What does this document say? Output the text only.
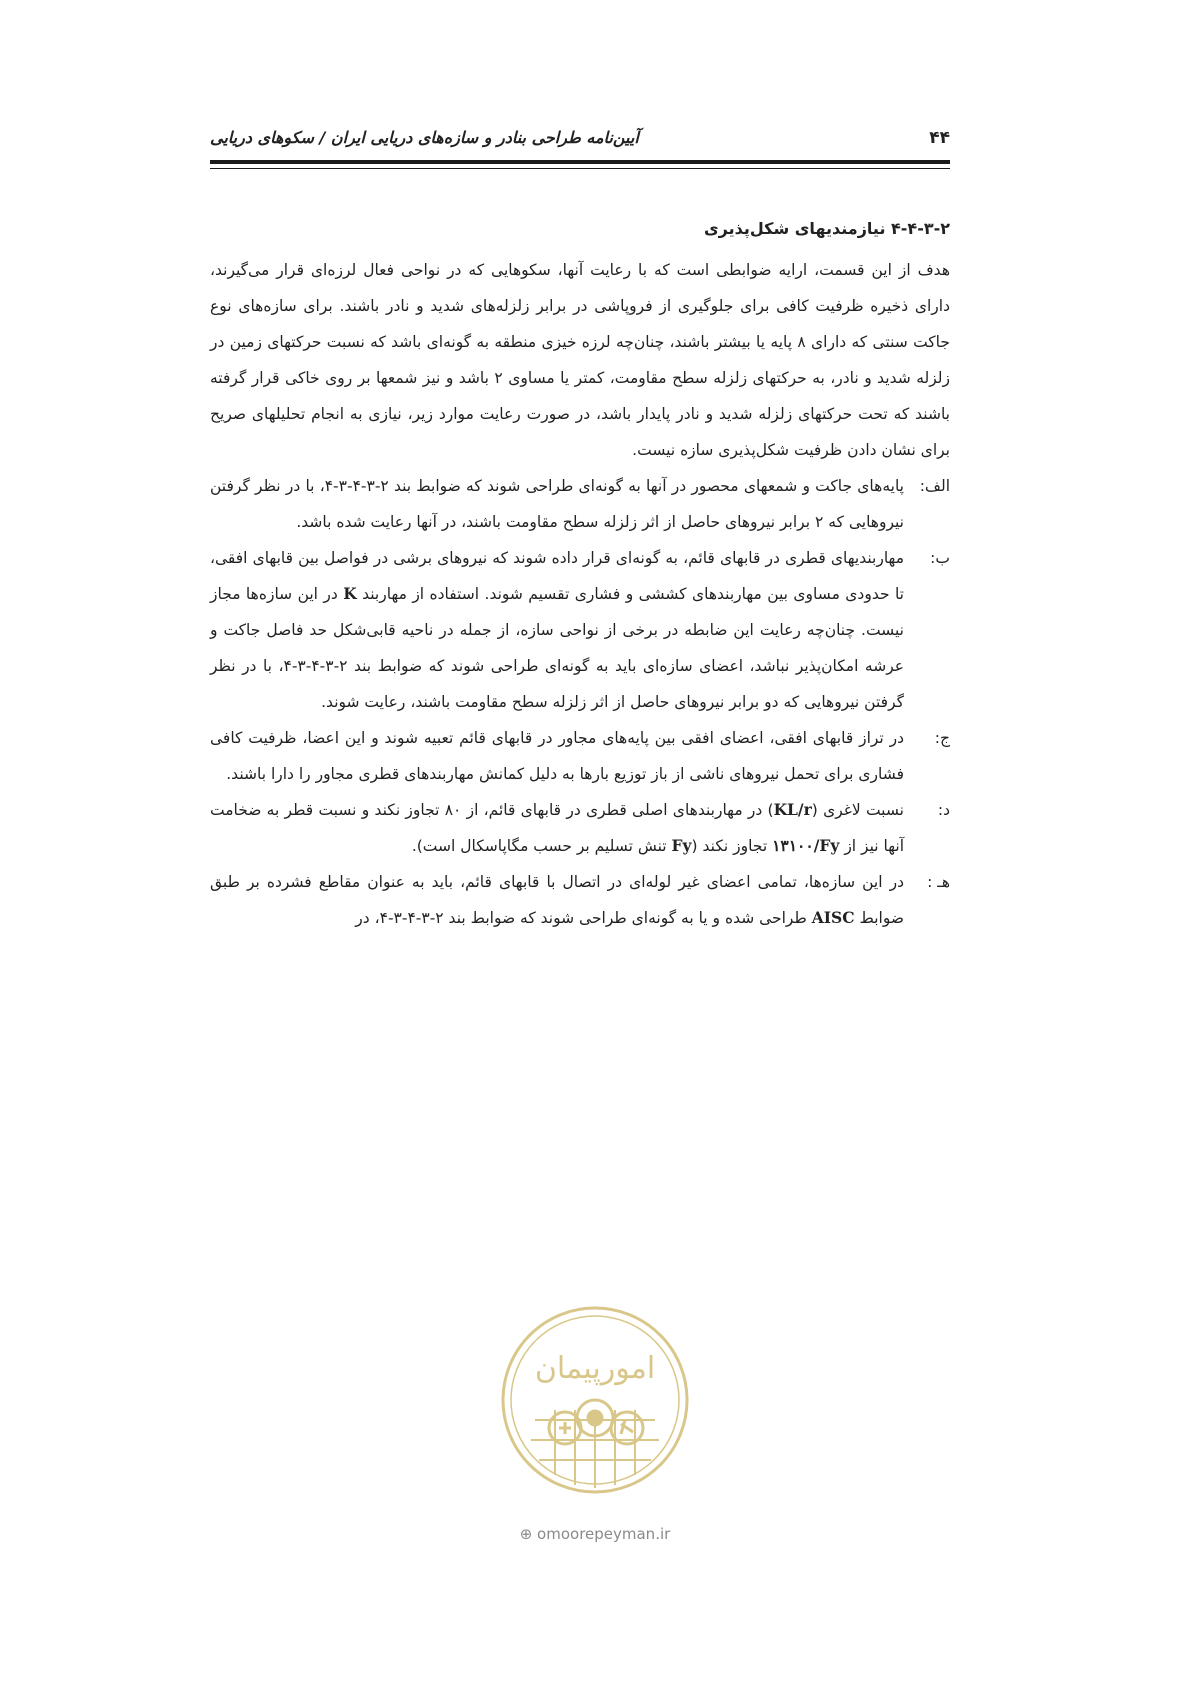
۴۴
آیین‌نامه طراحی بنادر و سازه‌های دریایی ایران / سکوهای دریایی
۴-۴-۳-۲ نیازمندیهای شکل‌پذیری

هدف از این قسمت، ارایه ضوابطی است که با رعایت آنها، سکوهایی که در نواحی فعال لرزه‌ای قرار می‌گیرند، دارای ذخیره ظرفیت کافی برای جلوگیری از فروپاشی در برابر زلزله‌های شدید و نادر باشند. برای سازه‌های نوع جاکت سنتی که دارای ۸ پایه یا بیشتر باشند، چنان‌چه لرزه خیزی منطقه به گونه‌ای باشد که نسبت حرکتهای زمین در زلزله شدید و نادر، به حرکتهای زلزله سطح مقاومت، کمتر یا مساوی ۲ باشد و نیز شمعها بر روی خاکی قرار گرفته باشند که تحت حرکتهای زلزله شدید و نادر پایدار باشد، در صورت رعایت موارد زیر، نیازی به انجام تحلیلهای صریح برای نشان دادن ظرفیت شکل‌پذیری سازه نیست.

الف:
پایه‌های جاکت و شمعهای محصور در آنها به گونه‌ای طراحی شوند که ضوابط بند ۲-۳-۴-۳-۴، با در نظر گرفتن نیروهایی که ۲ برابر نیروهای حاصل از اثر زلزله سطح مقاومت باشند، در آنها رعایت شده باشد.
ب:
مهاربندیهای قطری در قابهای قائم، به گونه‌ای قرار داده شوند که نیروهای برشی در فواصل بین قابهای افقی، تا حدودی مساوی بین مهاربندهای کششی و فشاری تقسیم شوند. استفاده از مهاربند K در این سازه‌ها مجاز نیست. چنان‌چه رعایت این ضابطه در برخی از نواحی سازه، از جمله در ناحیه قابی‌شکل حد فاصل جاکت و عرشه امکان‌پذیر نباشد، اعضای سازه‌ای باید به گونه‌ای طراحی شوند که ضوابط بند ۲-۳-۴-۳-۴، با در نظر گرفتن نیروهایی که دو برابر نیروهای حاصل از اثر زلزله سطح مقاومت باشند، رعایت شوند.
ج:
در تراز قابهای افقی، اعضای افقی بین پایه‌های مجاور در قابهای قائم تعبیه شوند و این اعضا، ظرفیت کافی فشاری برای تحمل نیروهای ناشی از باز توزیع بارها به دلیل کمانش مهاربندهای قطری مجاور را دارا باشند.
د:
نسبت لاغری (KL/r) در مهاربندهای اصلی قطری در قابهای قائم، از ۸۰ تجاوز نکند و نسبت قطر به ضخامت آنها نیز از ۱۳۱۰۰/Fy تجاوز نکند (Fy تنش تسلیم بر حسب مگاپاسکال است).
هـ :
در این سازه‌ها، تمامی اعضای غیر لوله‌ای در اتصال با قابهای قائم، باید به عنوان مقاطع فشرده بر طبق ضوابط AISC طراحی شده و یا به گونه‌ای طراحی شوند که ضوابط بند ۲-۳-۴-۳-۴، در
امورپیمان
⊕ omoorepeyman.ir
